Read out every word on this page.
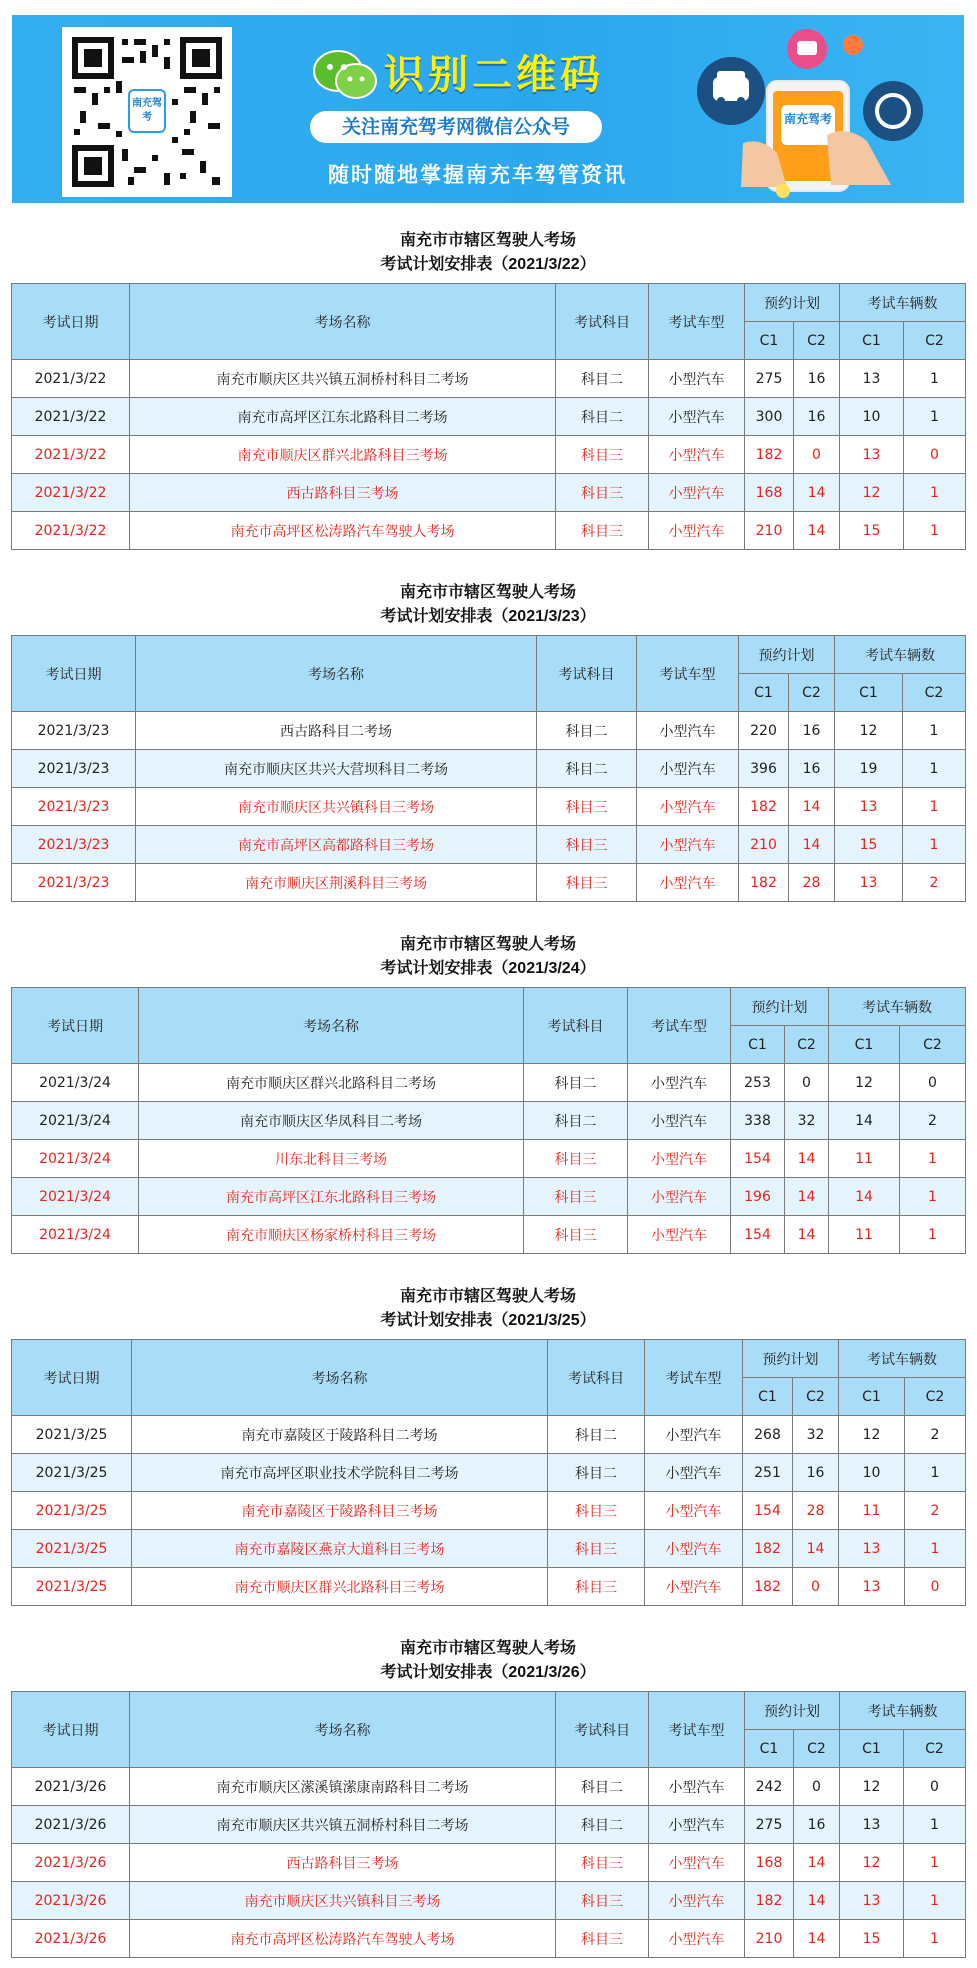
南充驾考
识别二维码
关注南充驾考网微信公众号
随时随地掌握南充车驾管资讯
南充驾考
南充市市辖区驾驶人考场
考试计划安排表（2021/3/22）
考试日期	考场名称	考试科目	考试车型	预约计划		考试车辆数	
				C1	C2	C1	C2
2021/3/22	南充市顺庆区共兴镇五洞桥村科目二考场	科目二	小型汽车	275	16	13	1
2021/3/22	南充市高坪区江东北路科目二考场	科目二	小型汽车	300	16	10	1
2021/3/22	南充市顺庆区群兴北路科目三考场	科目三	小型汽车	182	0	13	0
2021/3/22	西古路科目三考场	科目三	小型汽车	168	14	12	1
2021/3/22	南充市高坪区松涛路汽车驾驶人考场	科目三	小型汽车	210	14	15	1
南充市市辖区驾驶人考场
考试计划安排表（2021/3/23）
考试日期	考场名称	考试科目	考试车型	预约计划		考试车辆数	
				C1	C2	C1	C2
2021/3/23	西古路科目二考场	科目二	小型汽车	220	16	12	1
2021/3/23	南充市顺庆区共兴大营坝科目二考场	科目二	小型汽车	396	16	19	1
2021/3/23	南充市顺庆区共兴镇科目三考场	科目三	小型汽车	182	14	13	1
2021/3/23	南充市高坪区高都路科目三考场	科目三	小型汽车	210	14	15	1
2021/3/23	南充市顺庆区荆溪科目三考场	科目三	小型汽车	182	28	13	2
南充市市辖区驾驶人考场
考试计划安排表（2021/3/24）
考试日期	考场名称	考试科目	考试车型	预约计划		考试车辆数	
				C1	C2	C1	C2
2021/3/24	南充市顺庆区群兴北路科目二考场	科目二	小型汽车	253	0	12	0
2021/3/24	南充市顺庆区华凤科目二考场	科目二	小型汽车	338	32	14	2
2021/3/24	川东北科目三考场	科目三	小型汽车	154	14	11	1
2021/3/24	南充市高坪区江东北路科目三考场	科目三	小型汽车	196	14	14	1
2021/3/24	南充市顺庆区杨家桥村科目三考场	科目三	小型汽车	154	14	11	1
南充市市辖区驾驶人考场
考试计划安排表（2021/3/25）
考试日期	考场名称	考试科目	考试车型	预约计划		考试车辆数	
				C1	C2	C1	C2
2021/3/25	南充市嘉陵区于陵路科目二考场	科目二	小型汽车	268	32	12	2
2021/3/25	南充市高坪区职业技术学院科目二考场	科目二	小型汽车	251	16	10	1
2021/3/25	南充市嘉陵区于陵路科目三考场	科目三	小型汽车	154	28	11	2
2021/3/25	南充市嘉陵区燕京大道科目三考场	科目三	小型汽车	182	14	13	1
2021/3/25	南充市顺庆区群兴北路科目三考场	科目三	小型汽车	182	0	13	0
南充市市辖区驾驶人考场
考试计划安排表（2021/3/26）
考试日期	考场名称	考试科目	考试车型	预约计划		考试车辆数	
				C1	C2	C1	C2
2021/3/26	南充市顺庆区潆溪镇潆康南路科目二考场	科目二	小型汽车	242	0	12	0
2021/3/26	南充市顺庆区共兴镇五洞桥村科目二考场	科目二	小型汽车	275	16	13	1
2021/3/26	西古路科目三考场	科目三	小型汽车	168	14	12	1
2021/3/26	南充市顺庆区共兴镇科目三考场	科目三	小型汽车	182	14	13	1
2021/3/26	南充市高坪区松涛路汽车驾驶人考场	科目三	小型汽车	210	14	15	1
